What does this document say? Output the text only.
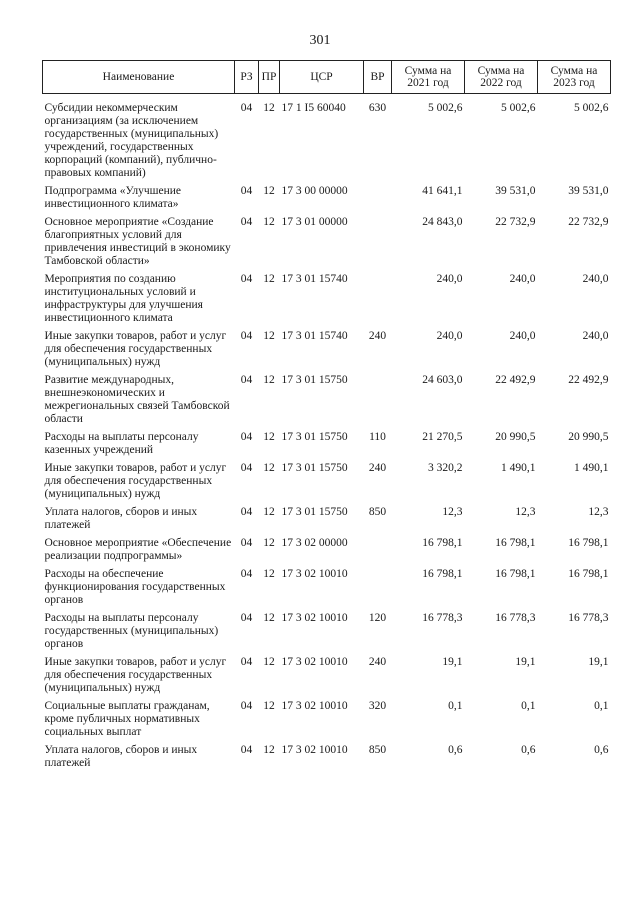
301
Наименование	РЗ	ПР	ЦСР	ВР	Сумма на 2021 год	Сумма на 2022 год	Сумма на 2023 год

Субсидии некоммерческим организациям (за исключением государственных (муниципальных) учреждений, государственных корпораций (компаний), публично-правовых компаний)	04	12	17 1 I5 60040	630	5 002,6	5 002,6	5 002,6
Подпрограмма «Улучшение инвестиционного климата»	04	12	17 3 00 00000		41 641,1	39 531,0	39 531,0
Основное мероприятие «Создание благоприятных условий для привлечения инвестиций в экономику Тамбовской области»	04	12	17 3 01 00000		24 843,0	22 732,9	22 732,9
Мероприятия по созданию институциональных условий и инфраструктуры для улучшения инвестиционного климата	04	12	17 3 01 15740		240,0	240,0	240,0
Иные закупки товаров, работ и услуг для обеспечения государственных (муниципальных) нужд	04	12	17 3 01 15740	240	240,0	240,0	240,0
Развитие международных, внешнеэкономических и межрегиональных связей Тамбовской области	04	12	17 3 01 15750		24 603,0	22 492,9	22 492,9
Расходы на выплаты персоналу казенных учреждений	04	12	17 3 01 15750	110	21 270,5	20 990,5	20 990,5
Иные закупки товаров, работ и услуг для обеспечения государственных (муниципальных) нужд	04	12	17 3 01 15750	240	3 320,2	1 490,1	1 490,1
Уплата налогов, сборов и иных платежей	04	12	17 3 01 15750	850	12,3	12,3	12,3
Основное мероприятие «Обеспечение реализации подпрограммы»	04	12	17 3 02 00000		16 798,1	16 798,1	16 798,1
Расходы на обеспечение функционирования государственных органов	04	12	17 3 02 10010		16 798,1	16 798,1	16 798,1
Расходы на выплаты персоналу государственных (муниципальных) органов	04	12	17 3 02 10010	120	16 778,3	16 778,3	16 778,3
Иные закупки товаров, работ и услуг для обеспечения государственных (муниципальных) нужд	04	12	17 3 02 10010	240	19,1	19,1	19,1
Социальные выплаты гражданам, кроме публичных нормативных социальных выплат	04	12	17 3 02 10010	320	0,1	0,1	0,1
Уплата налогов, сборов и иных платежей	04	12	17 3 02 10010	850	0,6	0,6	0,6
